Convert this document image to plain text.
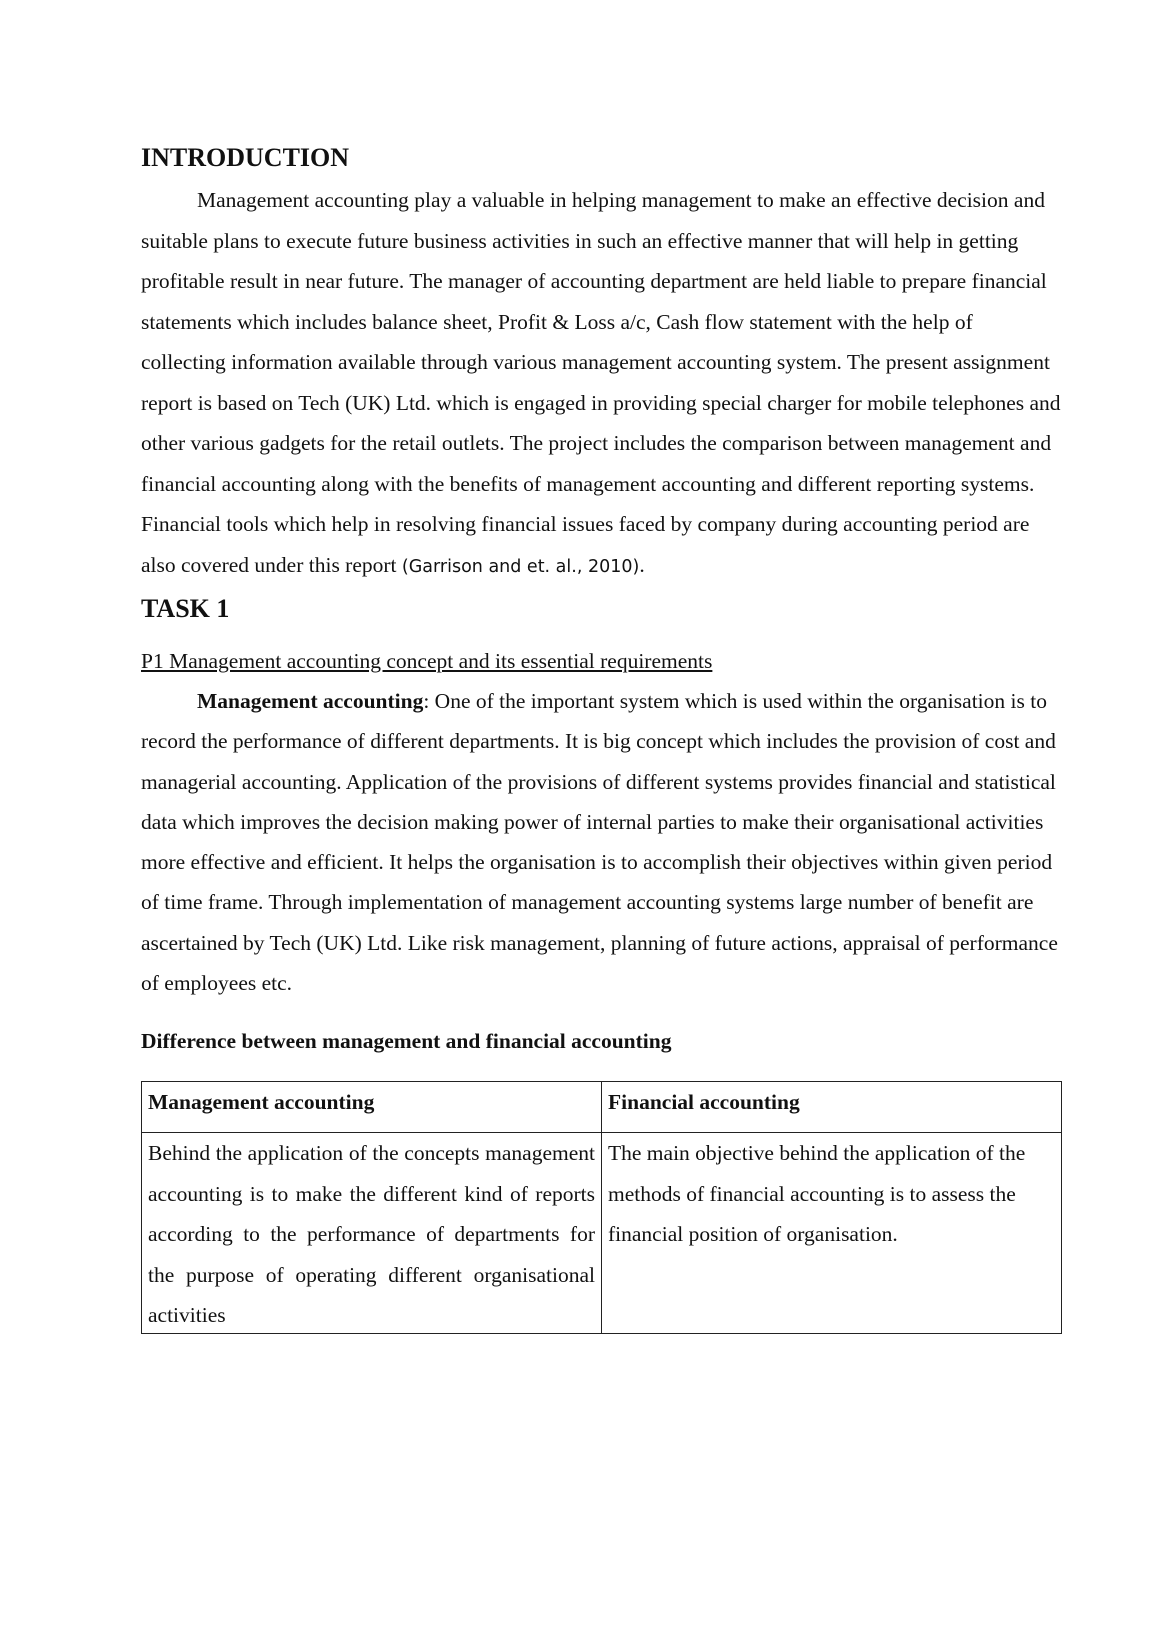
INTRODUCTION

Management accounting play a valuable in helping management to make an effective decision and suitable plans to execute future business activities in such an effective manner that will help in getting profitable result in near future. The manager of accounting department are held liable to prepare financial statements which includes balance sheet, Profit & Loss a/c, Cash flow statement with the help of collecting information available through various management accounting system. The present assignment report is based on Tech (UK) Ltd. which is engaged in providing special charger for mobile telephones and other various gadgets for the retail outlets. The project includes the comparison between management and financial accounting along with the benefits of management accounting and different reporting systems. Financial tools which help in resolving financial issues faced by company during accounting period are also covered under this report (Garrison and et. al., 2010).

TASK 1

P1 Management accounting concept and its essential requirements

Management accounting: One of the important system which is used within the organisation is to record the performance of different departments. It is big concept which includes the provision of cost and managerial accounting. Application of the provisions of different systems provides financial and statistical data which improves the decision making power of internal parties to make their organisational activities more effective and efficient. It helps the organisation is to accomplish their objectives within given period of time frame. Through implementation of management accounting systems large number of benefit are ascertained by Tech (UK) Ltd. Like risk management, planning of future actions, appraisal of performance of employees etc.

Difference between management and financial accounting

Management accounting	Financial accounting

Behind the application of the concepts management accounting is to make the different kind of reports according to the performance of departments for the purpose of operating different organisational activities	The main objective behind the application of the methods of financial accounting is to assess the financial position of organisation.
